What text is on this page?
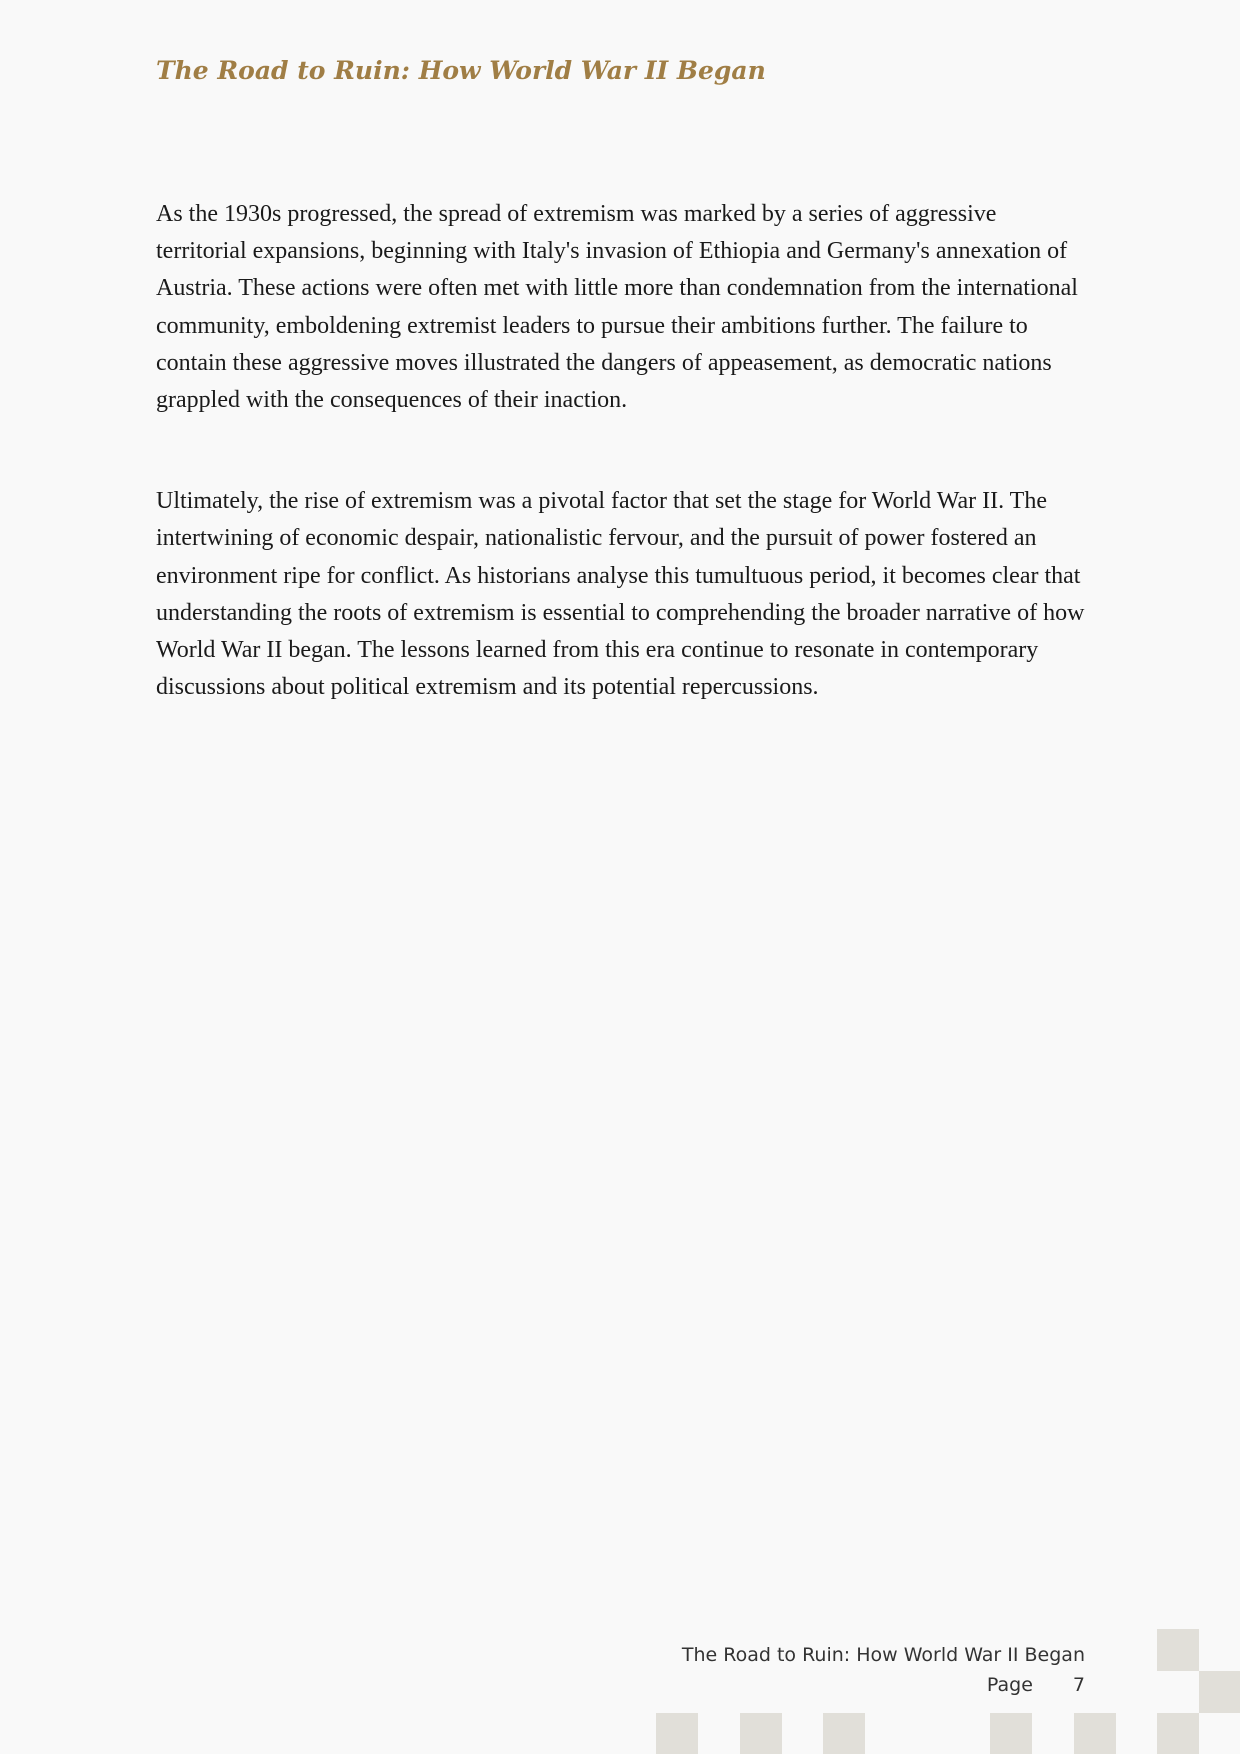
The Road to Ruin: How World War II Began

As the 1930s progressed, the spread of extremism was marked by a series of aggressive territorial expansions, beginning with Italy's invasion of Ethiopia and Germany's annexation of Austria. These actions were often met with little more than condemnation from the international community, emboldening extremist leaders to pursue their ambitions further. The failure to contain these aggressive moves illustrated the dangers of appeasement, as democratic nations grappled with the consequences of their inaction.

Ultimately, the rise of extremism was a pivotal factor that set the stage for World War II. The intertwining of economic despair, nationalistic fervour, and the pursuit of power fostered an environment ripe for conflict. As historians analyse this tumultuous period, it becomes clear that understanding the roots of extremism is essential to comprehending the broader narrative of how World War II began. The lessons learned from this era continue to resonate in contemporary discussions about political extremism and its potential repercussions.

The Road to Ruin: How World War II Began
Page 7
